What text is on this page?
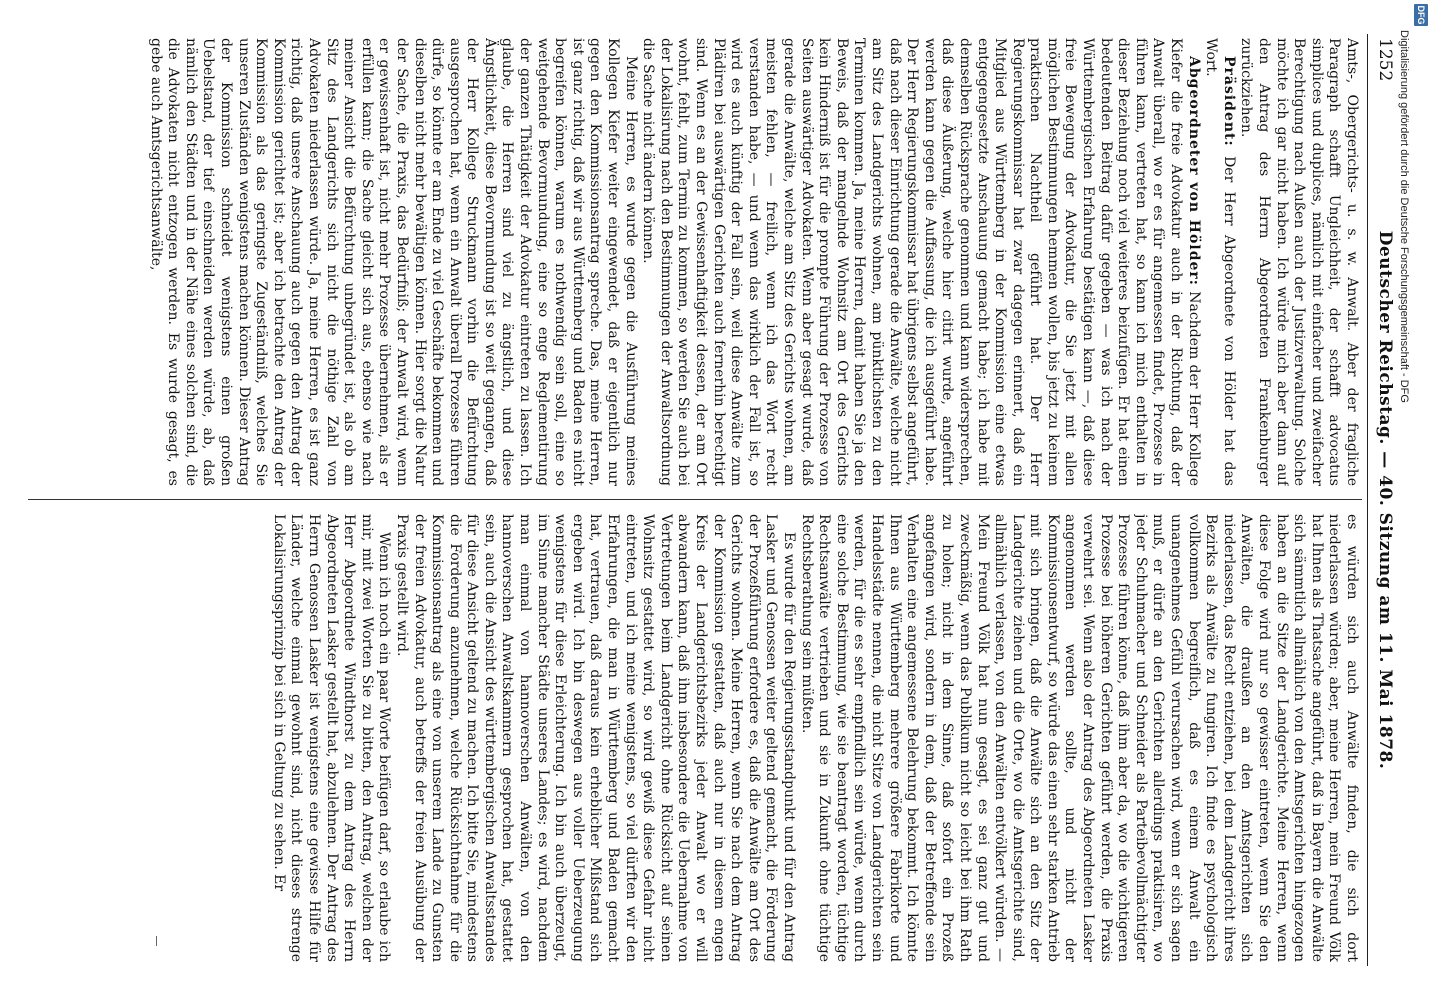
1252
Deutscher Reichstag. — 40. Sitzung am 11. Mai 1878.

Amts-, Obergerichts- u. s. w. Anwalt. Aber der fragliche Paragraph schafft Ungleichheit, der schafft advocatus simplices und duplices, nämlich mit einfacher und zweifacher Berechtigung nach Außen auch der Justizverwaltung. Solche möchte ich gar nicht haben. Ich würde mich aber dann auf den Antrag des Herrn Abgeordneten Frankenburger zurückziehen.

Präsident: Der Herr Abgeordnete von Hölder hat das Wort.

Abgeordneter von Hölder: Nachdem der Herr Kollege Kiefer die freie Advokatur auch in der Richtung, daß der Anwalt überall, wo er es für angemessen findet, Prozesse in führen kann, vertreten hat, so kann ich mich enthalten in dieser Beziehung noch viel weiteres beizufügen. Er hat einen bedeutenden Beitrag dafür gegeben — was ich nach der Württembergischen Erfahrung bestätigen kann —, daß diese freie Bewegung der Advokatur, die Sie jetzt mit allen möglichen Bestimmungen hemmen wollen, bis jetzt zu keinem praktischen Nachtheil geführt hat. Der Herr Regierungskommissar hat zwar dagegen erinnert, daß ein Mitglied aus Württemberg in der Kommission eine etwas entgegengesetzte Anschauung gemacht habe; ich habe mit demselben Rücksprache genommen und kann widersprechen, daß diese Äußerung, welche hier citirt wurde, angeführt werden kann gegen die Auffassung, die ich ausgeführt habe. Der Herr Regierungskommissar hat übrigens selbst angeführt, daß nach dieser Einrichtung gerade die Anwälte, welche nicht am Sitz des Landgerichts wohnen, am pünktlichsten zu den Terminen kommen. Ja, meine Herren, damit haben Sie ja den Beweis, daß der mangelnde Wohnsitz am Ort des Gerichts kein Hinderniß ist für die prompte Führung der Prozesse von Seiten auswärtiger Advokaten. Wenn aber gesagt wurde, daß gerade die Anwälte, welche am Sitz des Gerichts wohnen, am meisten fehlen, — freilich, wenn ich das Wort recht verstanden habe, — und wenn das wirklich der Fall ist, so wird es auch künftig der Fall sein, weil diese Anwälte zum Plädiren bei auswärtigen Gerichten auch fernerhin berechtigt sind. Wenn es an der Gewissenhaftigkeit dessen, der am Ort wohnt, fehlt, zum Termin zu kommen, so werden Sie auch bei der Lokalisirung nach den Bestimmungen der Anwaltsordnung die Sache nicht ändern können.

Meine Herren, es wurde gegen die Ausführung meines Kollegen Kiefer weiter eingewendet, daß er eigentlich nur gegen den Kommissionsantrag spreche. Das, meine Herren, ist ganz richtig, daß wir aus Württemberg und Baden es nicht begreifen können, warum es nothwendig sein soll, eine so weitgehende Bevormundung, eine so enge Reglementirung der ganzen Thätigkeit der Advokatur eintreten zu lassen. Ich glaube, die Herren sind viel zu ängstlich, und diese Ängstlichkeit, diese Bevormundung ist so weit gegangen, daß der Herr Kollege Struckmann vorhin die Befürchtung ausgesprochen hat, wenn ein Anwalt überall Prozesse führen dürfe, so könnte er am Ende zu viel Geschäfte bekommen und dieselben nicht mehr bewältigen können. Hier sorgt die Natur der Sache, die Praxis, das Bedürfniß; der Anwalt wird, wenn er gewissenhaft ist, nicht mehr Prozesse übernehmen, als er erfüllen kann; die Sache gleicht sich aus, ebenso wie nach meiner Ansicht die Befürchtung unbegründet ist, als ob am Sitz des Landgerichts sich nicht die nöthige Zahl von Advokaten niederlassen würde. Ja, meine Herren, es ist ganz richtig, daß unsere Anschauung auch gegen den Antrag der Kommission gerichtet ist; aber ich betrachte den Antrag der Kommission als das geringste Zugeständniß, welches Sie unseren Zuständen wenigstens machen können. Dieser Antrag der Kommission schneidet wenigstens einen großen Uebelstand, der tief einschneiden werden würde, ab, daß nämlich den Städten und in der Nähe eines solchen sind, die die Advokaten nicht entzogen werden. Es wurde gesagt, es gebe auch Amtsgerichtsanwälte,

es würden sich auch Anwälte finden, die sich dort niederlassen würden; aber, meine Herren, mein Freund Völk hat Ihnen als Thatsache angeführt, daß in Bayern die Anwälte sich sämmtlich allmählich von den Amtsgerichten hingezogen haben an die Sitze der Landgerichte. Meine Herren, wenn diese Folge wird nur so gewisser eintreten, wenn Sie den Anwälten, die draußen an den Amtsgerichten sich niederlassen, das Recht entziehen, bei dem Landgericht ihres Bezirks als Anwälte zu fungiren. Ich finde es psychologisch vollkommen begreiflich, daß es einem Anwalt ein unangenehmes Gefühl verursachen wird, wenn er sich sagen muß, er dürfe an den Gerichten allerdings praktisiren, wo jeder Schuhmacher und Schneider als Parteibevollmächtigter Prozesse führen könne, daß ihm aber da, wo die wichtigeren Prozesse bei höheren Gerichten geführt werden, die Praxis verwehrt sei. Wenn also der Antrag des Abgeordneten Lasker angenommen werden sollte, und nicht der Kommissionsentwurf, so würde das einen sehr starken Antrieb mit sich bringen, daß die Anwälte sich an den Sitz der Landgerichte ziehen und die Orte, wo die Amtsgerichte sind, allmählich verlassen, von den Anwälten entvölkert würden. — Mein Freund Völk hat nun gesagt, es sei ganz gut und zweckmäßig, wenn das Publikum nicht so leicht bei ihm Rath zu holen; nicht in dem Sinne, daß sofort ein Prozeß angefangen wird, sondern in dem, daß der Betreffende sein Verhalten eine angemessene Belehrung bekommt. Ich könnte Ihnen aus Württemberg mehrere größere Fabrikorte und Handelsstädte nennen, die nicht Sitze von Landgerichten sein werden, für die es sehr empfindlich sein würde, wenn durch eine solche Bestimmung, wie sie beantragt worden, tüchtige Rechtsanwälte vertrieben und sie in Zukunft ohne tüchtige Rechtsberathung sein müßten.

Es wurde für den Regierungsstandpunkt und für den Antrag Lasker und Genossen weiter geltend gemacht, die Förderung der Prozeßführung erfordere es, daß die Anwälte am Ort des Gerichts wohnen. Meine Herren, wenn Sie nach dem Antrag der Kommission gestatten, daß auch nur in diesem engen Kreis der Landgerichtsbezirks jeder Anwalt wo er will abwandern kann, daß ihm insbesondere die Uebernahme von Vertretungen beim Landgericht ohne Rücksicht auf seinen Wohnsitz gestattet wird, so wird gewiß diese Gefahr nicht eintreten, und ich meine wenigstens, so viel dürften wir den Erfahrungen, die man in Württemberg und Baden gemacht hat, vertrauen, daß daraus kein erheblicher Mißstand sich ergeben wird. Ich bin deswegen aus voller Ueberzeugung wenigstens für diese Erleichterung. Ich bin auch überzeugt, im Sinne mancher Städte unseres Landes; es wird, nachdem man einmal von hannoverschen Anwälten, von den hannoverschen Anwaltskammern gesprochen hat, gestattet sein, auch die Ansicht des württembergischen Anwaltsstandes für diese Ansicht geltend zu machen. Ich bitte Sie, mindestens die Forderung anzunehmen, welche Rücksichtnahme für die Kommissionsantrag als eine von unserem Lande zu Gunsten der freien Advokatur, auch betreffs der freien Ausübung der Praxis gestellt wird.

Wenn ich noch ein paar Worte beifügen darf, so erlaube ich mir, mit zwei Worten Sie zu bitten, den Antrag, welchen der Herr Abgeordnete Windthorst zu dem Antrag des Herrn Abgeordneten Lasker gestellt hat, abzulehnen. Der Antrag des Herrn Genossen Lasker ist wenigstens eine gewisse Hilfe für Länder, welche einmal gewohnt sind, nicht dieses strenge Lokalisirungsprinzip bei sich in Geltung zu sehen. Er

DFG
Digitalisierung gefördert durch die Deutsche Forschungsgemeinschaft - DFG
